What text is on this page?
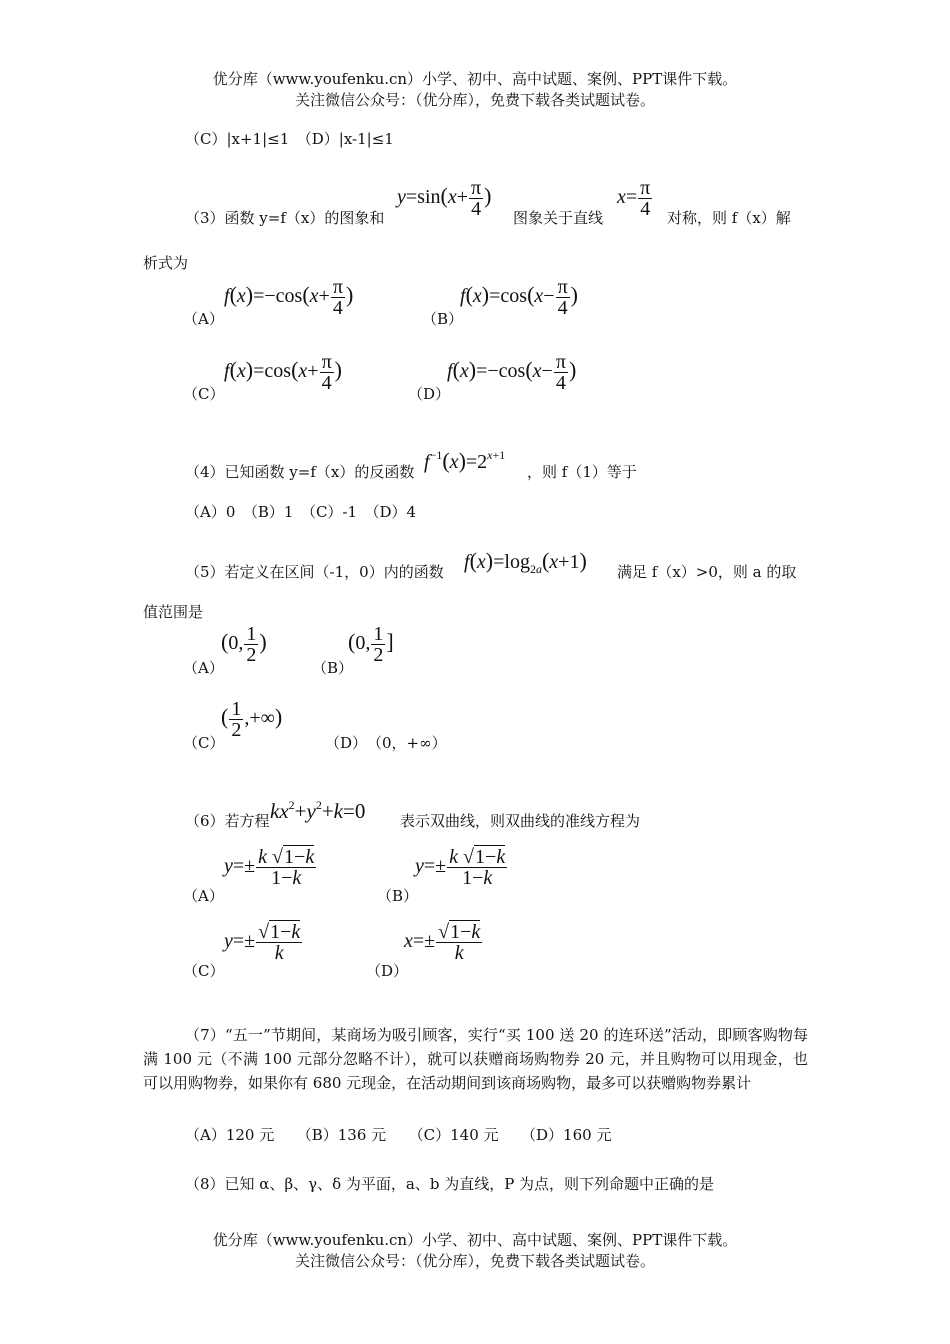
优分库（www.youfenku.cn）小学、初中、高中试题、案例、PPT课件下载。
关注微信公众号：（优分库），免费下载各类试题试卷。
（C）|x+1|≤1　（D）|x-1|≤1
（3）函数 y=f（x）的图象和
$y=\sin(x+ \frac{\pi}{4}$ )
图象关于直线
$x= \frac{\pi}{4}$ 对称，则 f（x）解
析式为
（A）
$f(x)=-\cos(x+ \frac{\pi}{4}$ )
（B）
$f(x)=\cos(x- \frac{\pi}{4}$ )
（C）
$f(x)=\cos(x+ \frac{\pi}{4}$ )
（D）
$f(x)=-\cos(x- \frac{\pi}{4}$ )
（4）已知函数 y=f（x）的反函数 $f^{-1}(x)=2^{x+1}$
，则 f（1）等于
（A）0　（B）1　（C）-1　（D）4
（5）若定义在区间（-1，0）内的函数 $f(x)=\log_{2a}(x+1)$ 满足 f（x）>0，则 a 的取
值范围是
（A）
(0, $\frac{1}{2}$ )
（B）
(0, $\frac{1}{2}$ ]
（C）
( $\frac{1}{2}$ ,+∞)
（D） （0，+∞）
（6）若方程 $kx^2+y^2+k=0$ 表示双曲线，则双曲线的准线方程为
（A）
$y=\pm \frac{k √1-k}{1-k}$
（B）
$y=\pm \frac{k √1-k}{1-k}$
（C）
$y=\pm \frac{√1-k}{k}$
（D）
$x=\pm \frac{√1-k}{k}$
（7）“五一”节期间，某商场为吸引顾客，实行“买 100 送 20 的连环送”活动，即顾客购物每满 100 元（不满 100 元部分忽略不计），就可以获赠商场购物券 20 元，并且购物可以用现金，也可以用购物券，如果你有 680 元现金，在活动期间到该商场购物，最多可以获赠购物券累计
（A）120 元　　（B）136 元　　（C）140 元　　（D）160 元
（8）已知 α、β、γ、δ 为平面，a、b 为直线，P 为点，则下列命题中正确的是
优分库（www.youfenku.cn）小学、初中、高中试题、案例、PPT课件下载。
关注微信公众号：（优分库），免费下载各类试题试卷。
